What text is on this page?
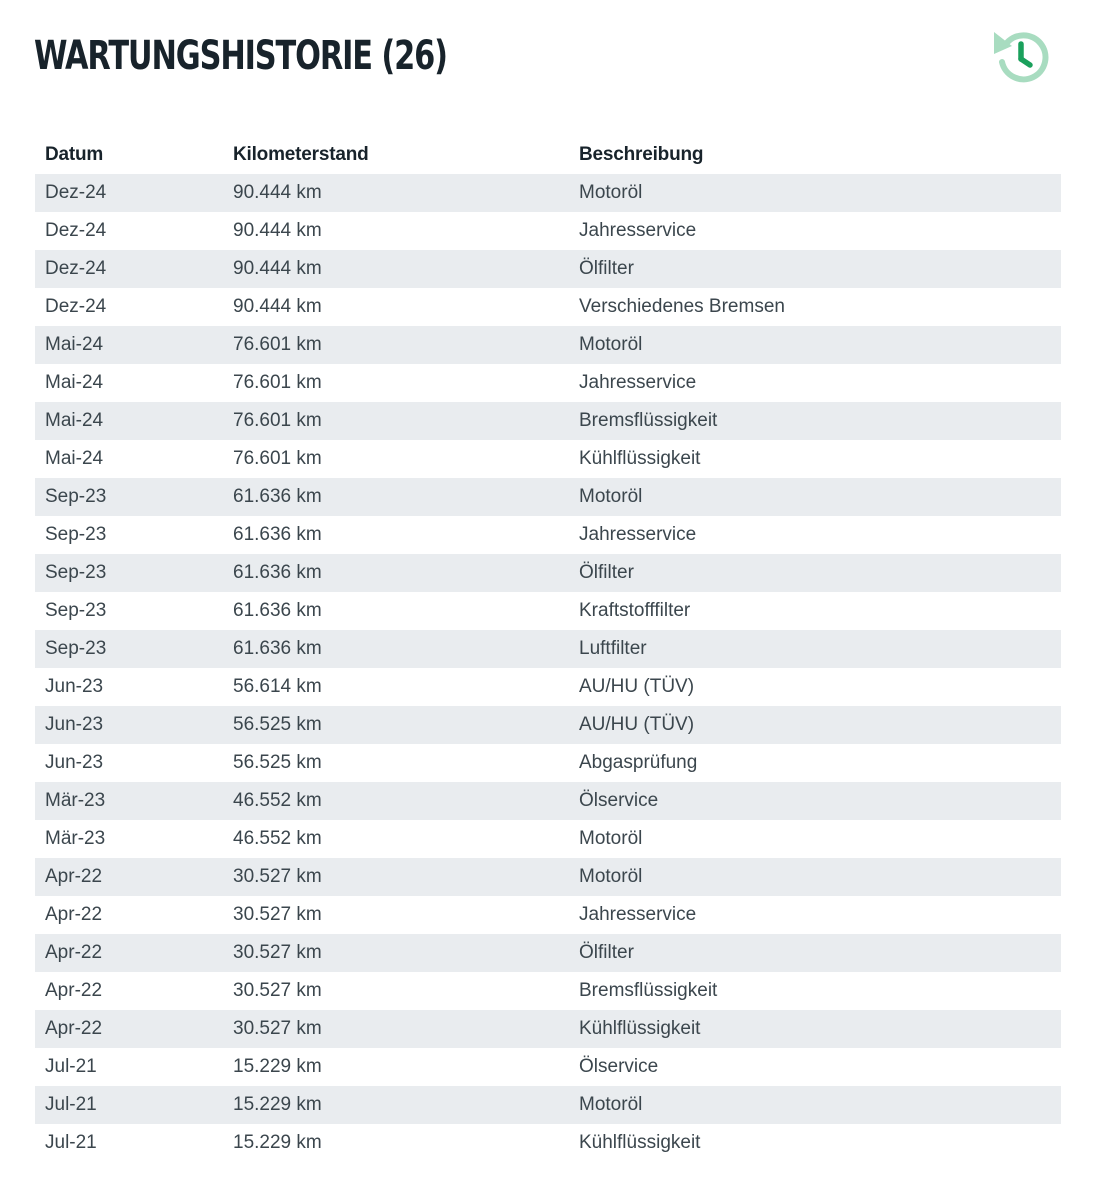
WARTUNGSHISTORIE (26)
Datum	Kilometerstand	Beschreibung
Dez-24	90.444 km	Motoröl
Dez-24	90.444 km	Jahresservice
Dez-24	90.444 km	Ölfilter
Dez-24	90.444 km	Verschiedenes Bremsen
Mai-24	76.601 km	Motoröl
Mai-24	76.601 km	Jahresservice
Mai-24	76.601 km	Bremsflüssigkeit
Mai-24	76.601 km	Kühlflüssigkeit
Sep-23	61.636 km	Motoröl
Sep-23	61.636 km	Jahresservice
Sep-23	61.636 km	Ölfilter
Sep-23	61.636 km	Kraftstofffilter
Sep-23	61.636 km	Luftfilter
Jun-23	56.614 km	AU/HU (TÜV)
Jun-23	56.525 km	AU/HU (TÜV)
Jun-23	56.525 km	Abgasprüfung
Mär-23	46.552 km	Ölservice
Mär-23	46.552 km	Motoröl
Apr-22	30.527 km	Motoröl
Apr-22	30.527 km	Jahresservice
Apr-22	30.527 km	Ölfilter
Apr-22	30.527 km	Bremsflüssigkeit
Apr-22	30.527 km	Kühlflüssigkeit
Jul-21	15.229 km	Ölservice
Jul-21	15.229 km	Motoröl
Jul-21	15.229 km	Kühlflüssigkeit
